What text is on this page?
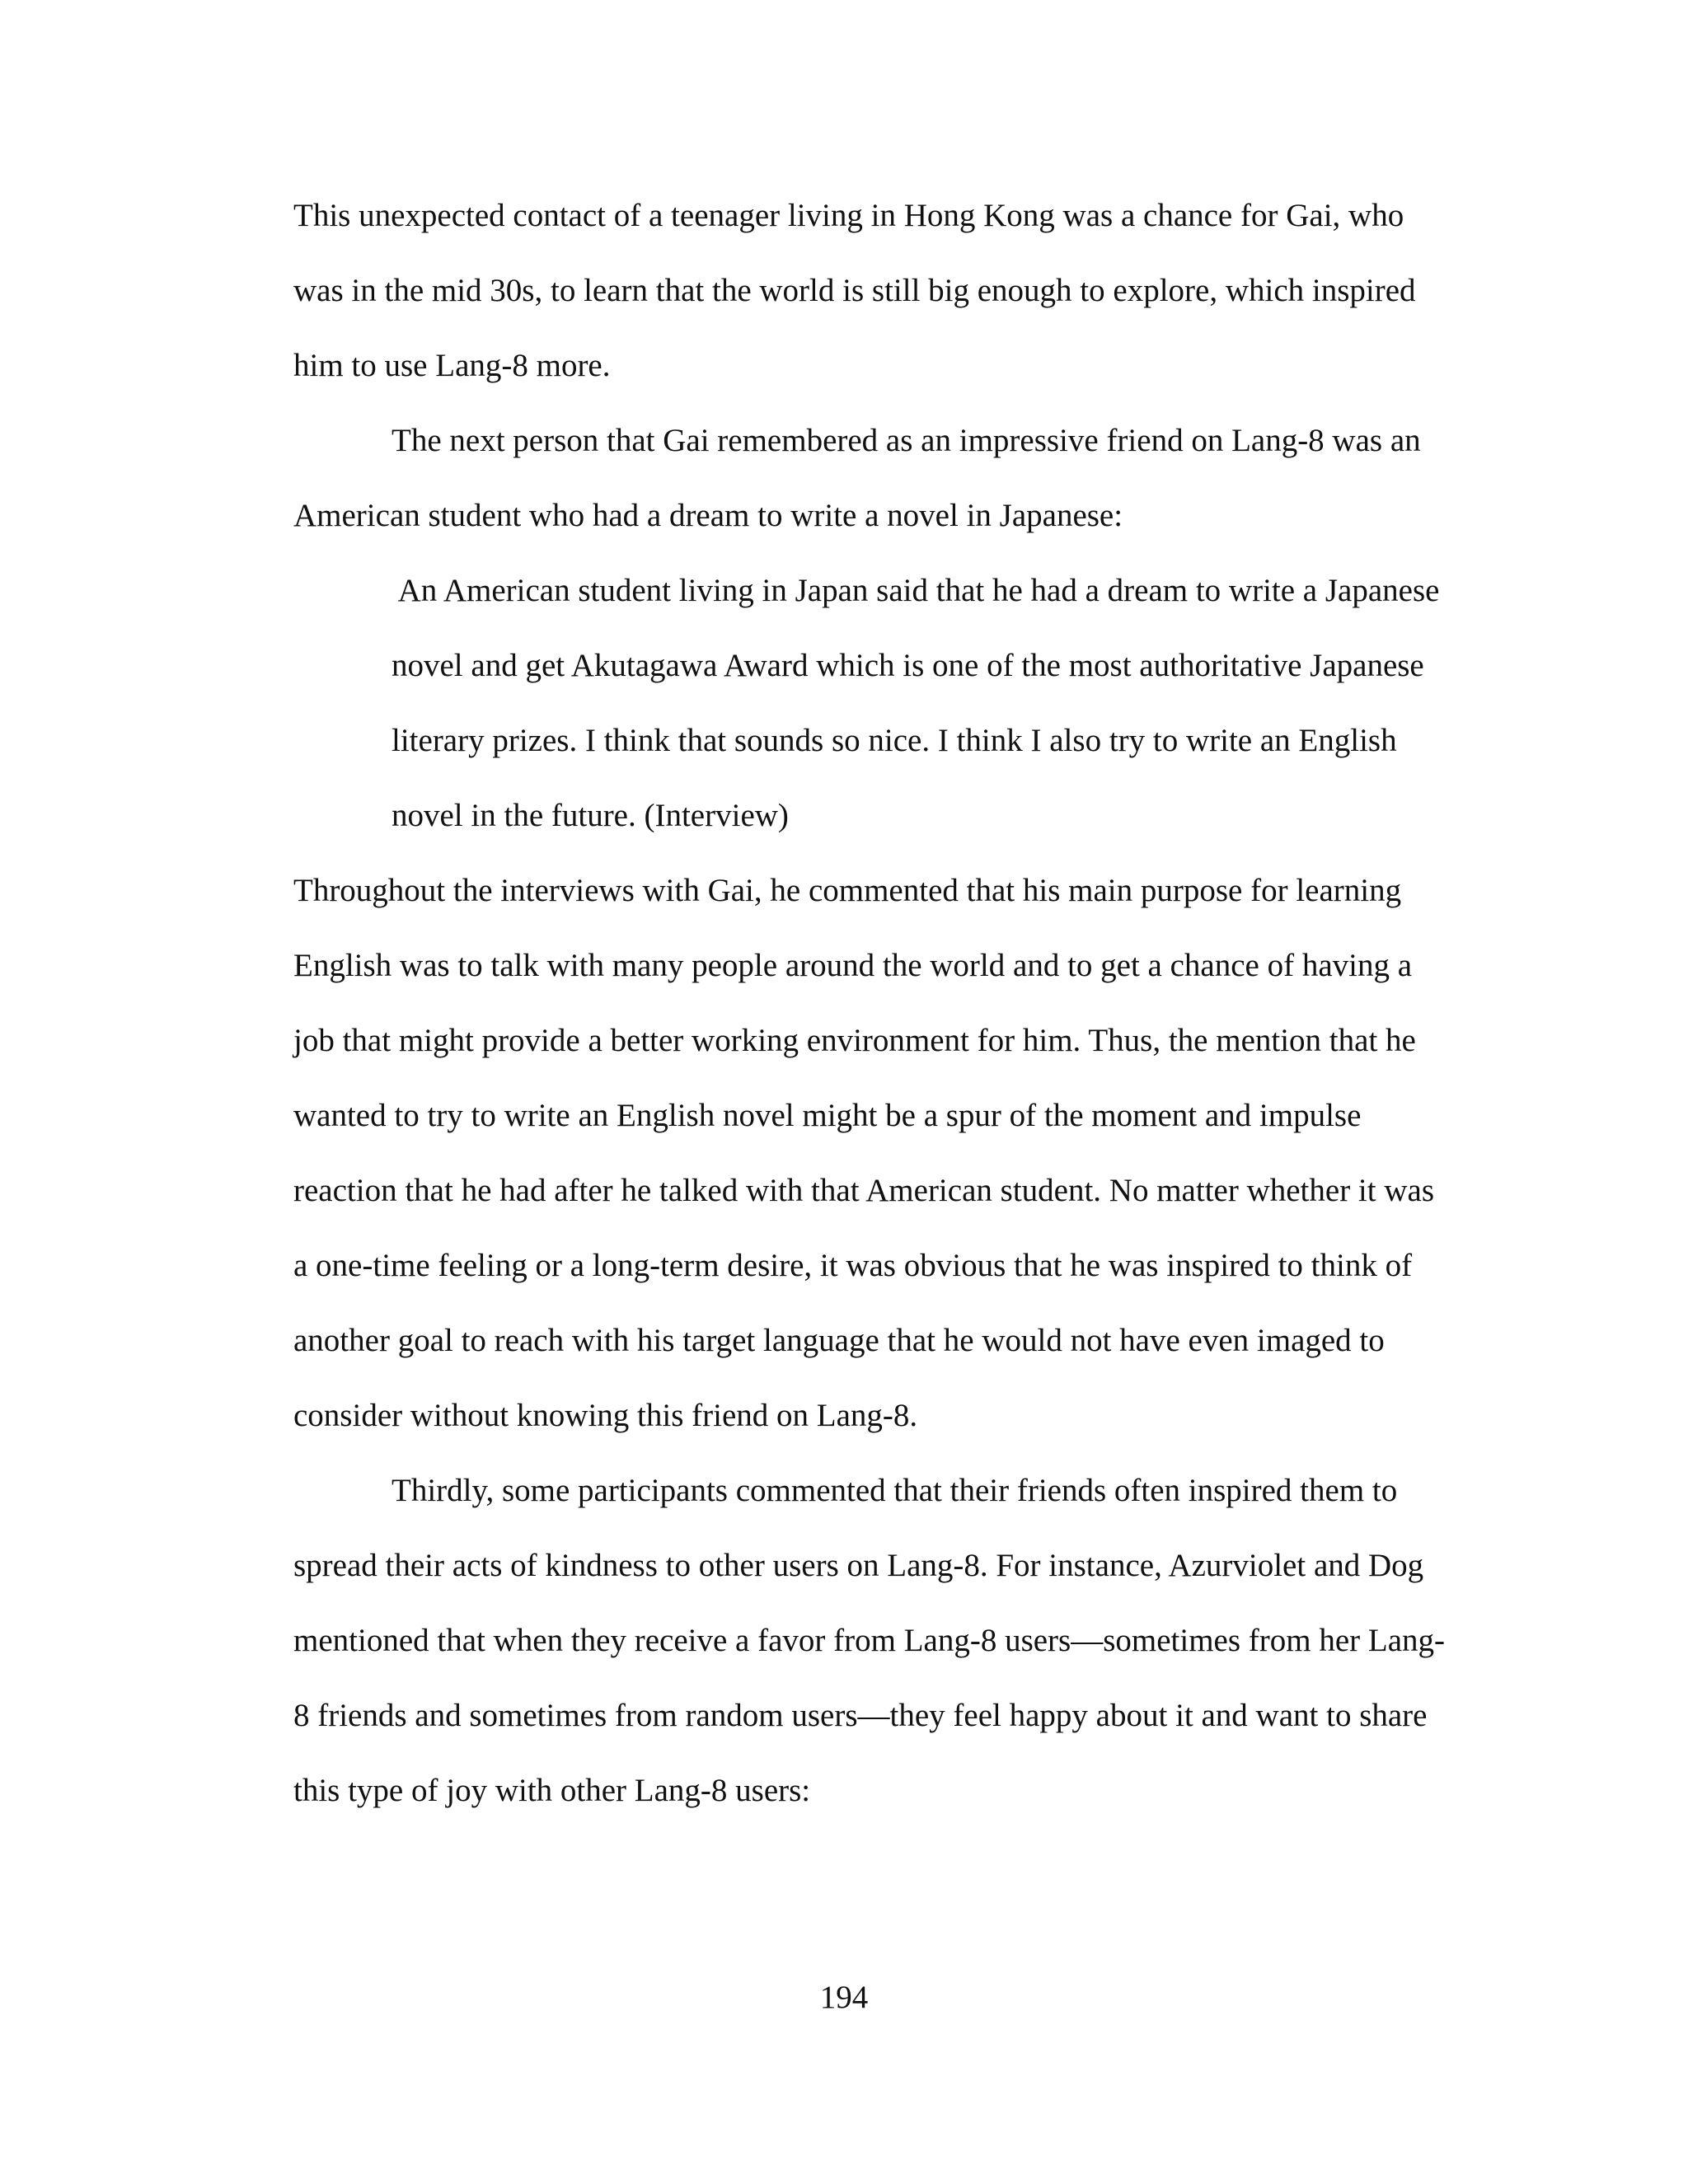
This unexpected contact of a teenager living in Hong Kong was a chance for Gai, who

was in the mid 30s, to learn that the world is still big enough to explore, which inspired

him to use Lang-8 more.

The next person that Gai remembered as an impressive friend on Lang-8 was an

American student who had a dream to write a novel in Japanese:

An American student living in Japan said that he had a dream to write a Japanese

novel and get Akutagawa Award which is one of the most authoritative Japanese

literary prizes. I think that sounds so nice. I think I also try to write an English

novel in the future. (Interview)

Throughout the interviews with Gai, he commented that his main purpose for learning

English was to talk with many people around the world and to get a chance of having a

job that might provide a better working environment for him. Thus, the mention that he

wanted to try to write an English novel might be a spur of the moment and impulse

reaction that he had after he talked with that American student. No matter whether it was

a one-time feeling or a long-term desire, it was obvious that he was inspired to think of

another goal to reach with his target language that he would not have even imaged to

consider without knowing this friend on Lang-8.

Thirdly, some participants commented that their friends often inspired them to

spread their acts of kindness to other users on Lang-8. For instance, Azurviolet and Dog

mentioned that when they receive a favor from Lang-8 users—sometimes from her Lang-

8 friends and sometimes from random users—they feel happy about it and want to share

this type of joy with other Lang-8 users:

194
